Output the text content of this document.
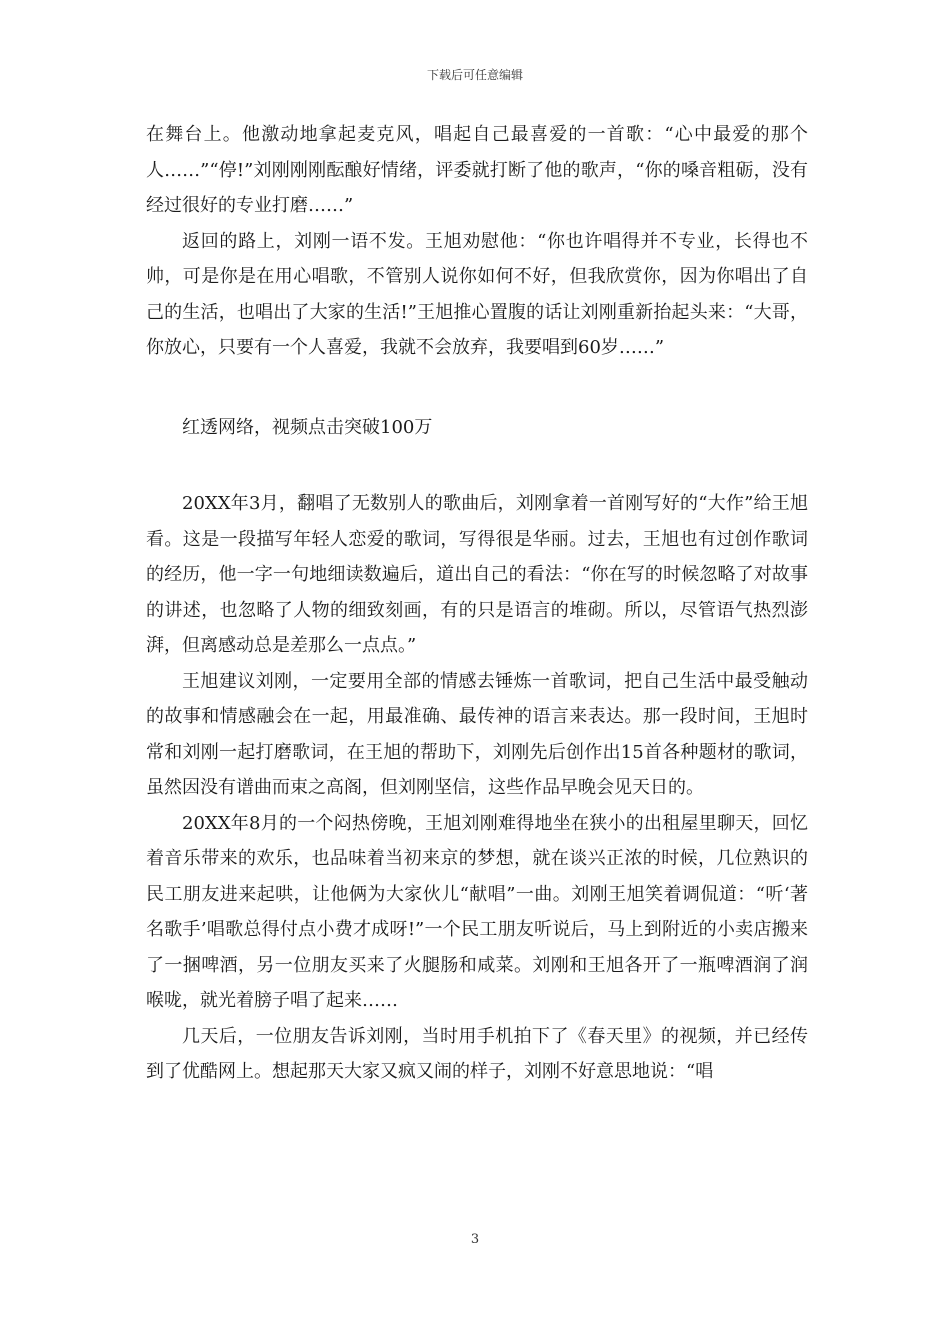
下载后可任意编辑

在舞台上。他激动地拿起麦克风，唱起自己最喜爱的一首歌：“心中最爱的那个人……”“停!”刘刚刚刚酝酿好情绪，评委就打断了他的歌声，“你的嗓音粗砺，没有经过很好的专业打磨……”

返回的路上，刘刚一语不发。王旭劝慰他：“你也许唱得并不专业，长得也不帅，可是你是在用心唱歌，不管别人说你如何不好，但我欣赏你，因为你唱出了自己的生活，也唱出了大家的生活!”王旭推心置腹的话让刘刚重新抬起头来：“大哥，你放心，只要有一个人喜爱，我就不会放弃，我要唱到60岁……”

红透网络，视频点击突破100万

20XX年3月，翻唱了无数别人的歌曲后，刘刚拿着一首刚写好的“大作”给王旭看。这是一段描写年轻人恋爱的歌词，写得很是华丽。过去，王旭也有过创作歌词的经历，他一字一句地细读数遍后，道出自己的看法：“你在写的时候忽略了对故事的讲述，也忽略了人物的细致刻画，有的只是语言的堆砌。所以，尽管语气热烈澎湃，但离感动总是差那么一点点。”

王旭建议刘刚，一定要用全部的情感去锤炼一首歌词，把自己生活中最受触动的故事和情感融会在一起，用最准确、最传神的语言来表达。那一段时间，王旭时常和刘刚一起打磨歌词，在王旭的帮助下，刘刚先后创作出15首各种题材的歌词，虽然因没有谱曲而束之高阁，但刘刚坚信，这些作品早晚会见天日的。

20XX年8月的一个闷热傍晚，王旭刘刚难得地坐在狭小的出租屋里聊天，回忆着音乐带来的欢乐，也品味着当初来京的梦想，就在谈兴正浓的时候，几位熟识的民工朋友进来起哄，让他俩为大家伙儿“献唱”一曲。刘刚王旭笑着调侃道：“听‘著名歌手’唱歌总得付点小费才成呀!”一个民工朋友听说后，马上到附近的小卖店搬来了一捆啤酒，另一位朋友买来了火腿肠和咸菜。刘刚和王旭各开了一瓶啤酒润了润喉咙，就光着膀子唱了起来……

几天后，一位朋友告诉刘刚，当时用手机拍下了《春天里》的视频，并已经传到了优酷网上。想起那天大家又疯又闹的样子，刘刚不好意思地说：“唱

3
